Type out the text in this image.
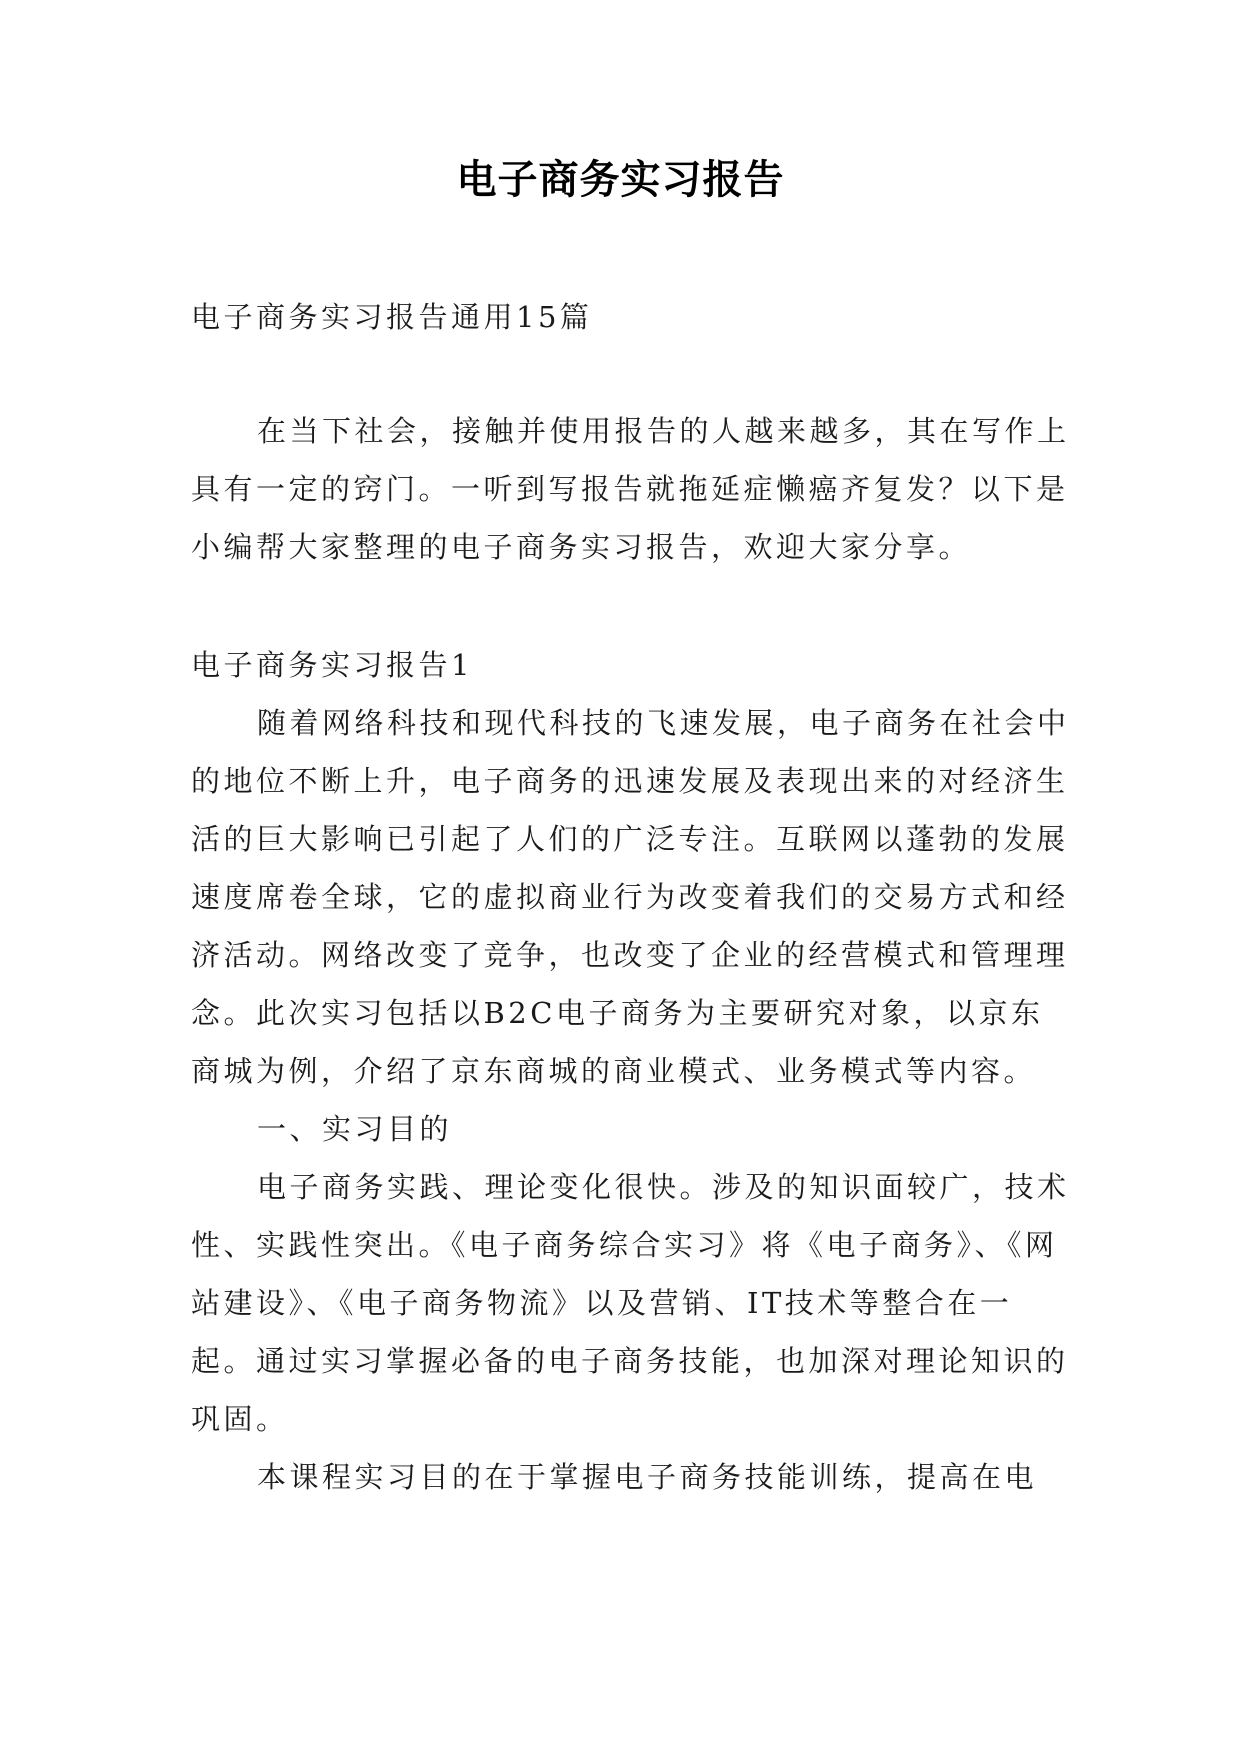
电子商务实习报告
电子商务实习报告通用15篇

在当下社会，接触并使用报告的人越来越多，其在写作上具有一定的窍门。一听到写报告就拖延症懒癌齐复发？以下是小编帮大家整理的电子商务实习报告，欢迎大家分享。

电子商务实习报告1

随着网络科技和现代科技的飞速发展，电子商务在社会中的地位不断上升，电子商务的迅速发展及表现出来的对经济生活的巨大影响已引起了人们的广泛专注。互联网以蓬勃的发展速度席卷全球，它的虚拟商业行为改变着我们的交易方式和经济活动。网络改变了竞争，也改变了企业的经营模式和管理理念。此次实习包括以B2C电子商务为主要研究对象，以京东商城为例，介绍了京东商城的商业模式、业务模式等内容。

一、实习目的

电子商务实践、理论变化很快。涉及的知识面较广，技术性、实践性突出。《电子商务综合实习》将《电子商务》、《网站建设》、《电子商务物流》以及营销、IT技术等整合在一起。通过实习掌握必备的电子商务技能，也加深对理论知识的巩固。

本课程实习目的在于掌握电子商务技能训练，提高在电
